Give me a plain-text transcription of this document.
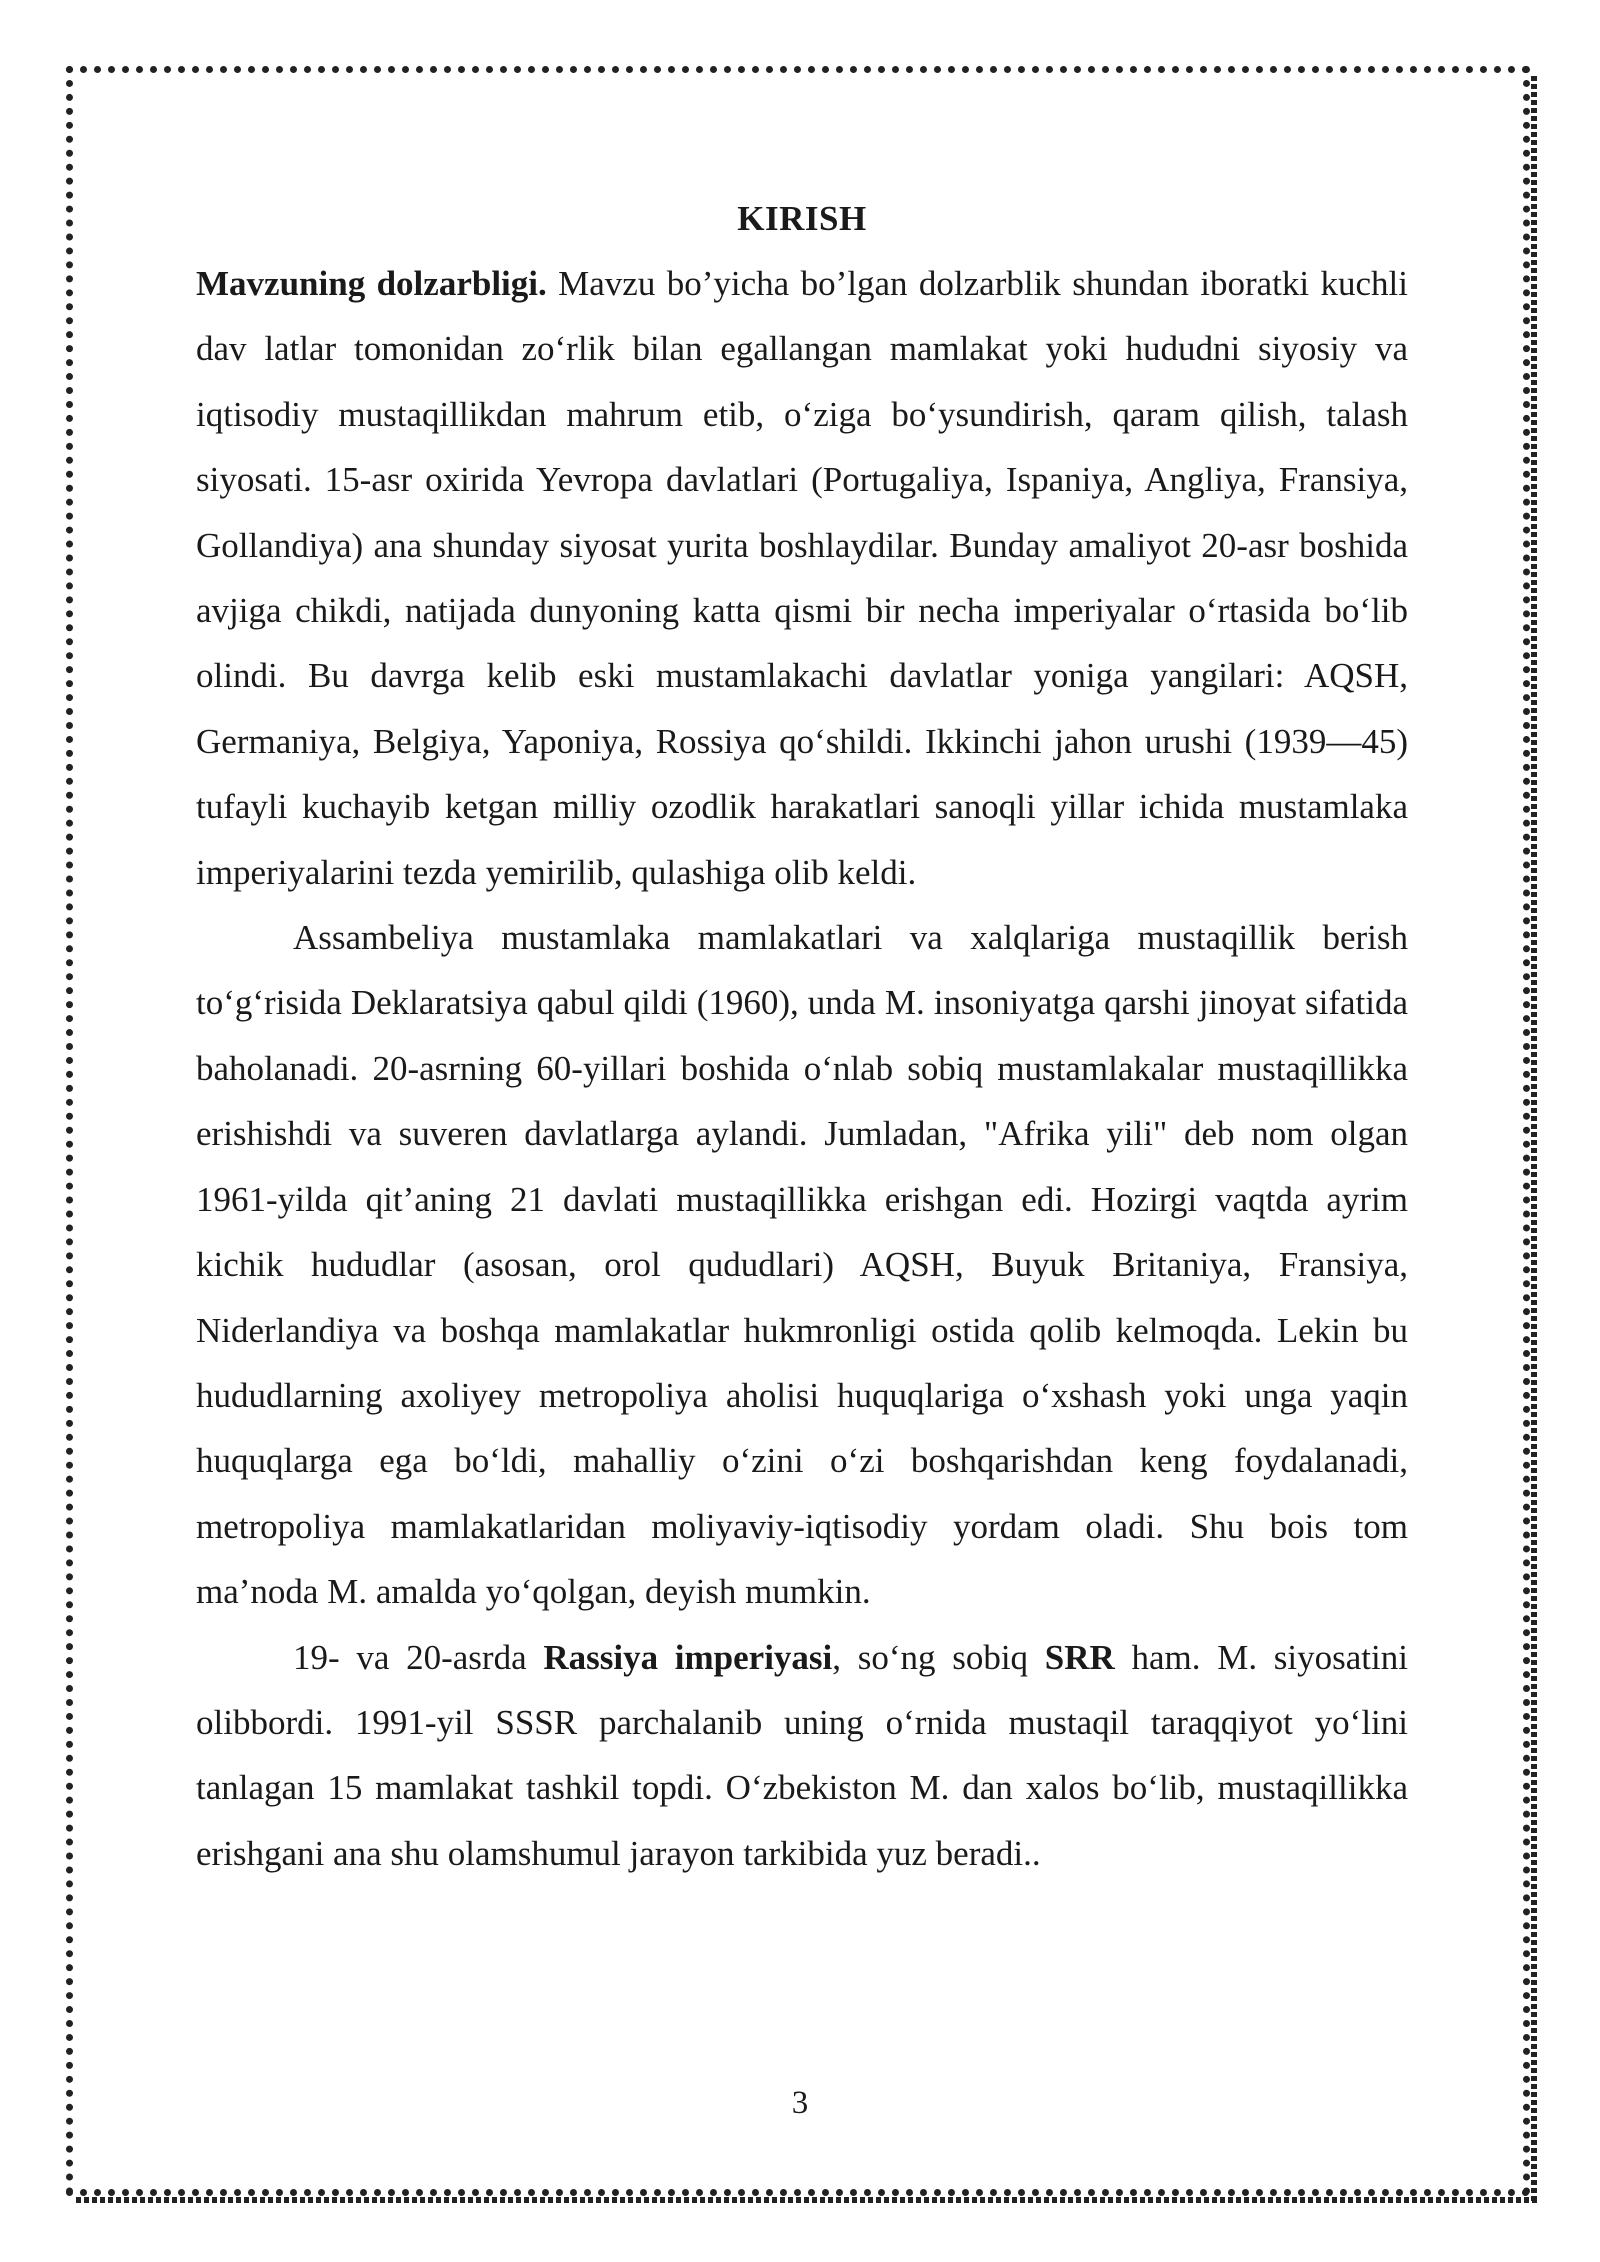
KIRISH

Mavzuning dolzarbligi. Mavzu bo’yicha bo’lgan dolzarblik shundan iboratki kuchli dav latlar tomonidan zo‘rlik bilan egallangan mamlakat yoki hududni siyosiy va iqtisodiy mustaqillikdan mahrum etib, o‘ziga bo‘ysundirish, qaram qilish, talash siyosati. 15-asr oxirida Yevropa davlatlari (Portugaliya, Ispaniya, Angliya, Fransiya, Gollandiya) ana shunday siyosat yurita boshlaydilar. Bunday amaliyot 20-asr boshida avjiga chikdi, natijada dunyoning katta qismi bir necha imperiyalar o‘rtasida bo‘lib olindi. Bu davrga kelib eski mustamlakachi davlatlar yoniga yangilari: AQSH, Germaniya, Belgiya, Yaponiya, Rossiya qo‘shildi. Ikkinchi jahon urushi (1939—45) tufayli kuchayib ketgan milliy ozodlik harakatlari sanoqli yillar ichida mustamlaka imperiyalarini tezda yemirilib, qulashiga olib keldi.

Assambeliya mustamlaka mamlakatlari va xalqlariga mustaqillik berish to‘g‘risida Deklaratsiya qabul qildi (1960), unda M. insoniyatga qarshi jinoyat sifatida baholanadi. 20-asrning 60-yillari boshida o‘nlab sobiq mustamlakalar mustaqillikka erishishdi va suveren davlatlarga aylandi. Jumladan, "Afrika yili" deb nom olgan 1961-yilda qit’aning 21 davlati mustaqillikka erishgan edi. Hozirgi vaqtda ayrim kichik hududlar (asosan, orol qududlari) AQSH, Buyuk Britaniya, Fransiya, Niderlandiya va boshqa mamlakatlar hukmronligi ostida qolib kelmoqda. Lekin bu hududlarning axoliyey metropoliya aholisi huquqlariga o‘xshash yoki unga yaqin huquqlarga ega bo‘ldi, mahalliy o‘zini o‘zi boshqarishdan keng foydalanadi, metropoliya mamlakatlaridan moliyaviy-iqtisodiy yordam oladi. Shu bois tom ma’noda M. amalda yo‘qolgan, deyish mumkin.

19- va 20-asrda Rassiya imperiyasi, so‘ng sobiq SRR ham. M. siyosatini olibbordi. 1991-yil SSSR parchalanib uning o‘rnida mustaqil taraqqiyot yo‘lini tanlagan 15 mamlakat tashkil topdi. O‘zbekiston M. dan xalos bo‘lib, mustaqillikka erishgani ana shu olamshumul jarayon tarkibida yuz beradi..

3
